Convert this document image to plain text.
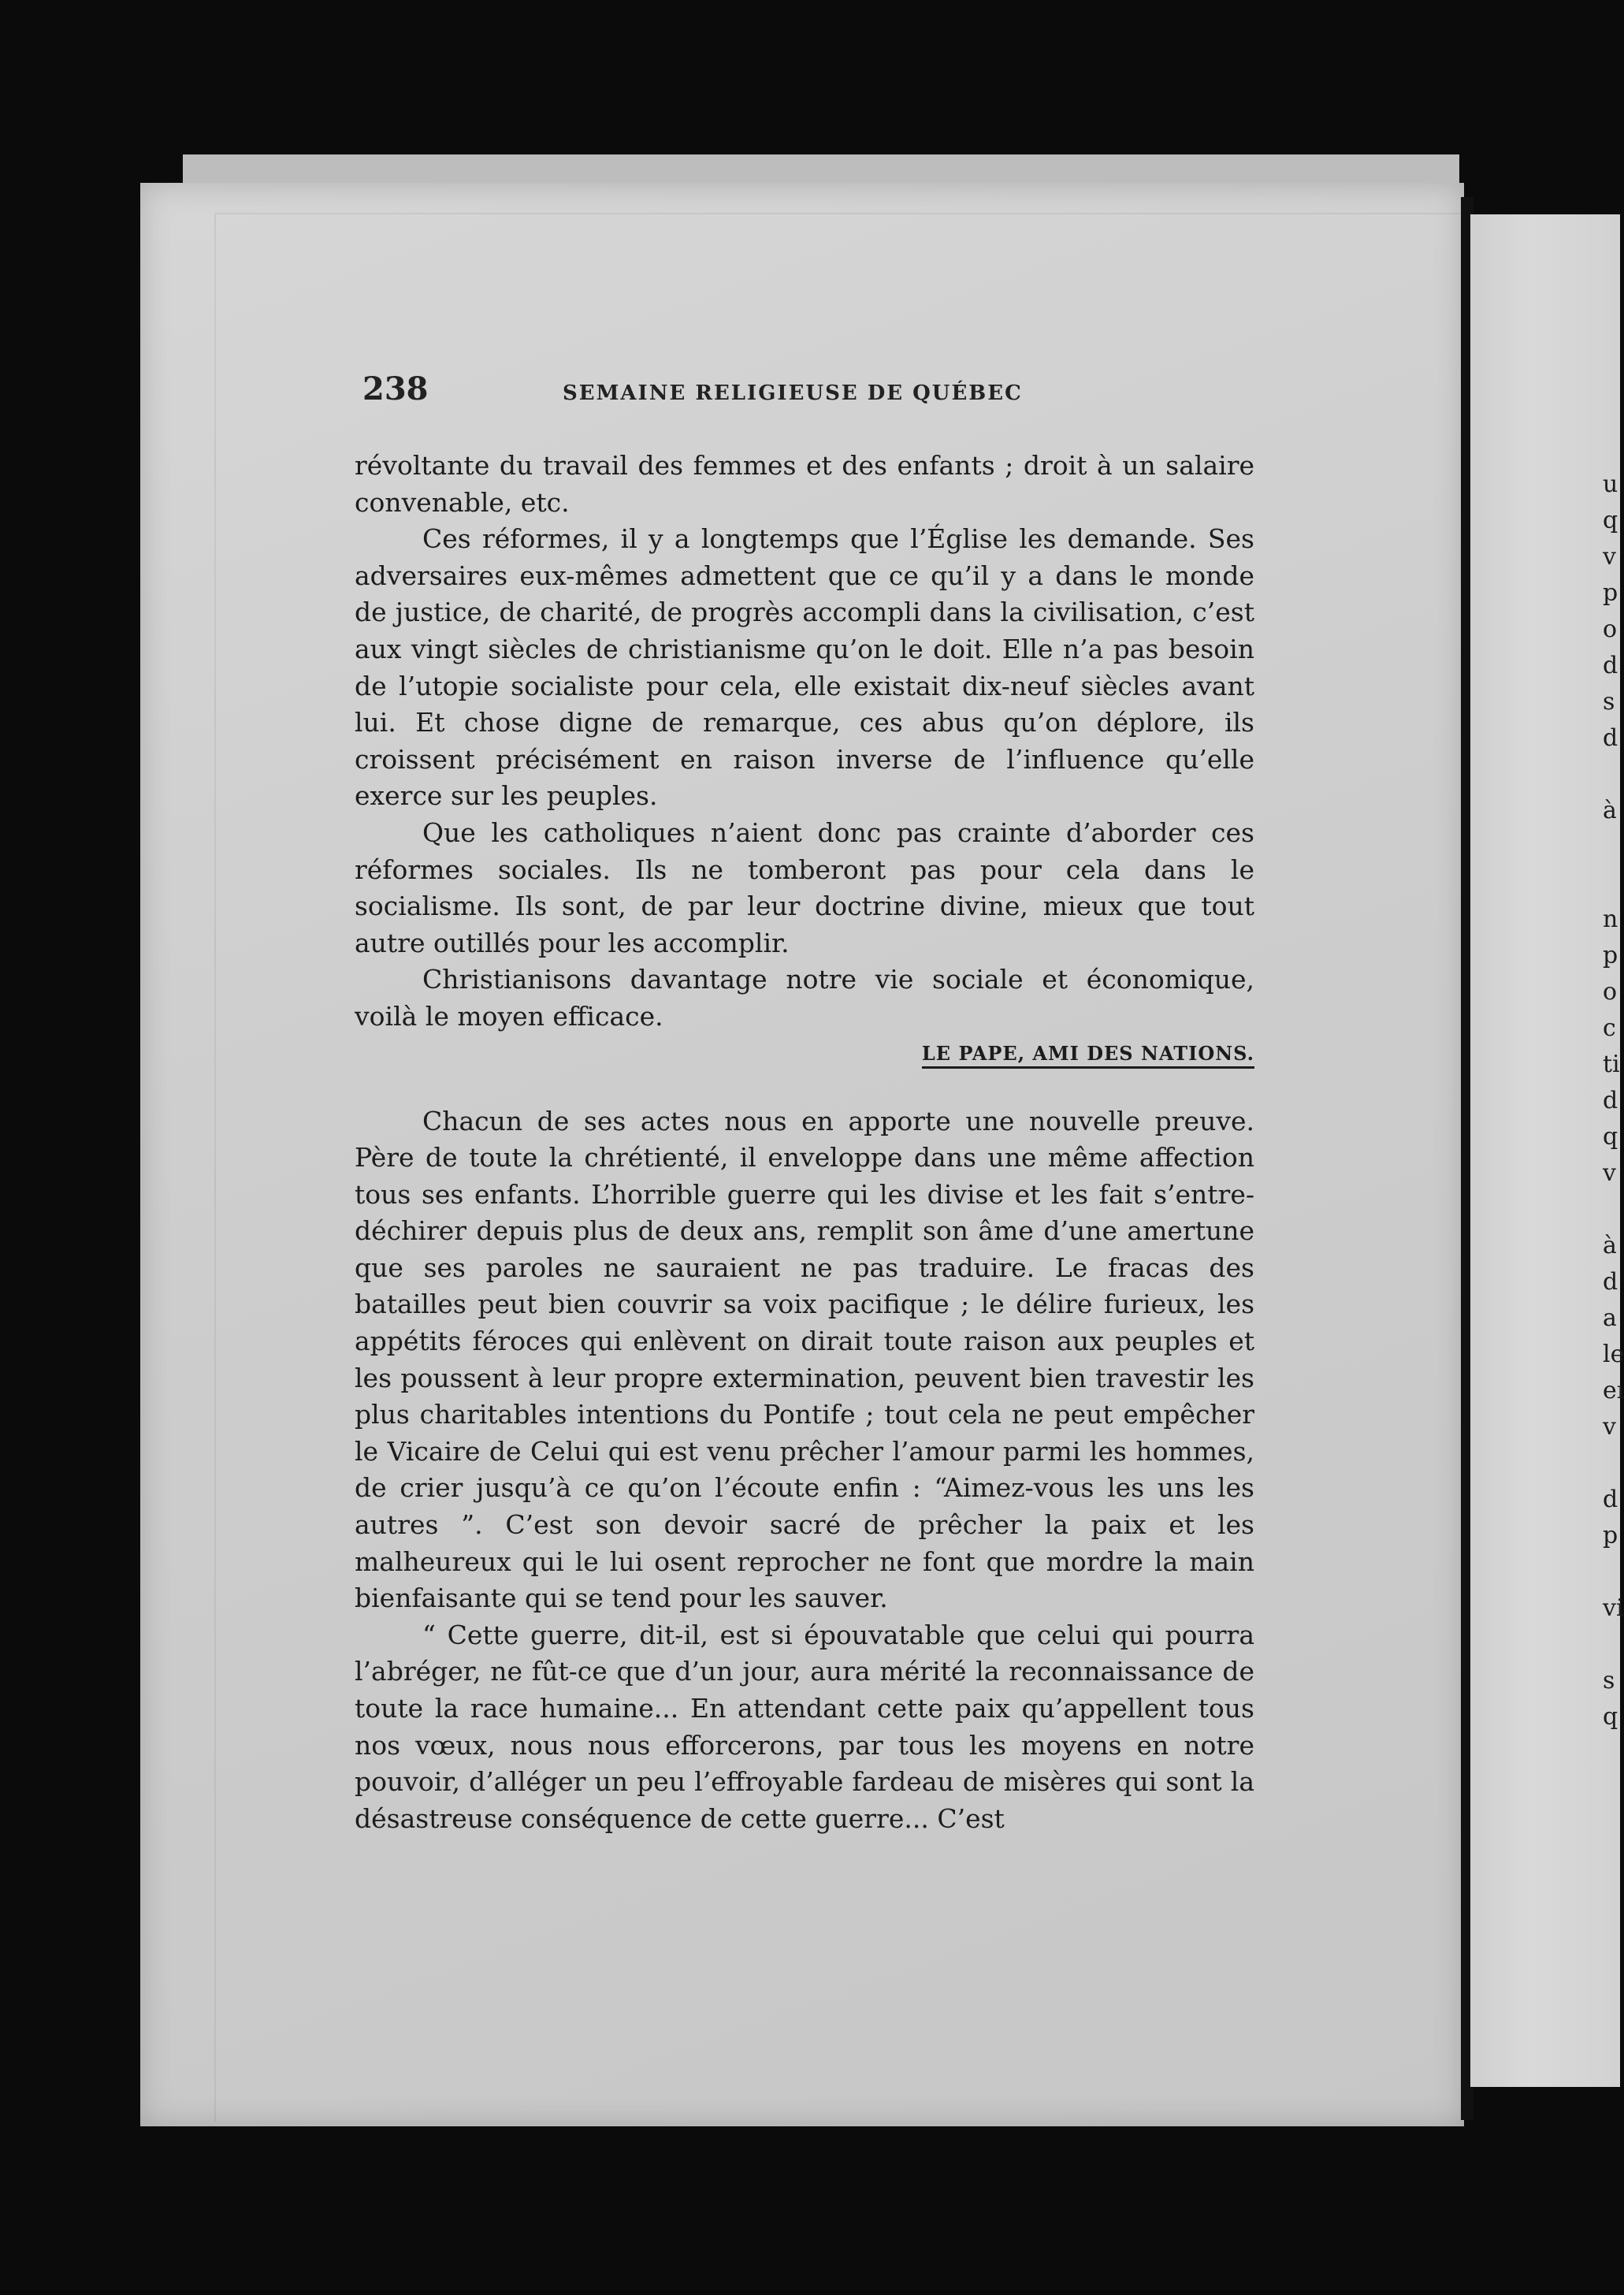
u
q
v
p
o
d
s
d
à
n
p
o
c
ti
d
q
v
à
d
a
le
eı
v
d
p
vi
s
q
238	SEMAINE RELIGIEUSE DE QUÉBEC

révoltante du travail des femmes et des enfants ; droit à un salaire convenable, etc.

Ces réformes, il y a longtemps que l’Église les demande. Ses adversaires eux-mêmes admettent que ce qu’il y a dans le monde de justice, de charité, de progrès accompli dans la civilisation, c’est aux vingt siècles de christianisme qu’on le doit. Elle n’a pas besoin de l’utopie socialiste pour cela, elle existait dix-neuf siècles avant lui. Et chose digne de remarque, ces abus qu’on déplore, ils croissent précisément en raison inverse de l’influence qu’elle exerce sur les peuples.

Que les catholiques n’aient donc pas crainte d’aborder ces réformes sociales. Ils ne tomberont pas pour cela dans le socialisme. Ils sont, de par leur doctrine divine, mieux que tout autre outillés pour les accomplir.

Christianisons davantage notre vie sociale et économique, voilà le moyen efficace.

LE PAPE, AMI DES NATIONS.

Chacun de ses actes nous en apporte une nouvelle preuve. Père de toute la chrétienté, il enveloppe dans une même affection tous ses enfants. L’horrible guerre qui les divise et les fait s’entre-déchirer depuis plus de deux ans, remplit son âme d’une amertune que ses paroles ne sauraient ne pas traduire. Le fracas des batailles peut bien couvrir sa voix pacifique ; le délire furieux, les appétits féroces qui enlèvent on dirait toute raison aux peuples et les poussent à leur propre extermination, peuvent bien travestir les plus charitables intentions du Pontife ; tout cela ne peut empêcher le Vicaire de Celui qui est venu prêcher l’amour parmi les hommes, de crier jusqu’à ce qu’on l’écoute enfin : “Aimez-vous les uns les autres ”. C’est son devoir sacré de prêcher la paix et les malheureux qui le lui osent reprocher ne font que mordre la main bienfaisante qui se tend pour les sauver.

“ Cette guerre, dit-il, est si épouvatable que celui qui pourra l’abréger, ne fût-ce que d’un jour, aura mérité la reconnaissance de toute la race humaine... En attendant cette paix qu’appellent tous nos vœux, nous nous efforcerons, par tous les moyens en notre pouvoir, d’alléger un peu l’effroyable fardeau de misères qui sont la désastreuse conséquence de cette guerre... C’est
